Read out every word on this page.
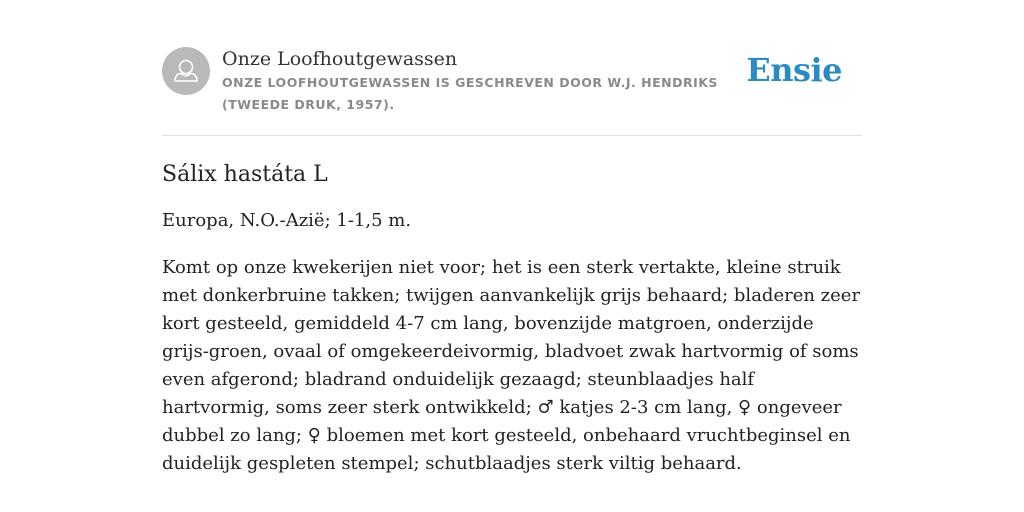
Onze Loofhoutgewassen
ONZE LOOFHOUTGEWASSEN IS GESCHREVEN DOOR W.J. HENDRIKS (TWEEDE DRUK, 1957).
Ensie
Sálix hastáta L

Europa, N.O.-Azië; 1-1,5 m.

Komt op onze kwekerijen niet voor; het is een sterk vertakte, kleine struik met donkerbruine takken; twijgen aanvankelijk grijs behaard; bladeren zeer kort gesteeld, gemiddeld 4-7 cm lang, bovenzijde matgroen, onderzijde grijs-groen, ovaal of omgekeerdeivormig, bladvoet zwak hartvormig of soms even afgerond; bladrand onduidelijk gezaagd; steunblaadjes half hartvormig, soms zeer sterk ontwikkeld; ♂ katjes 2-3 cm lang, ♀ ongeveer dubbel zo lang; ♀ bloemen met kort gesteeld, onbehaard vruchtbeginsel en duidelijk gespleten stempel; schutblaadjes sterk viltig behaard.
